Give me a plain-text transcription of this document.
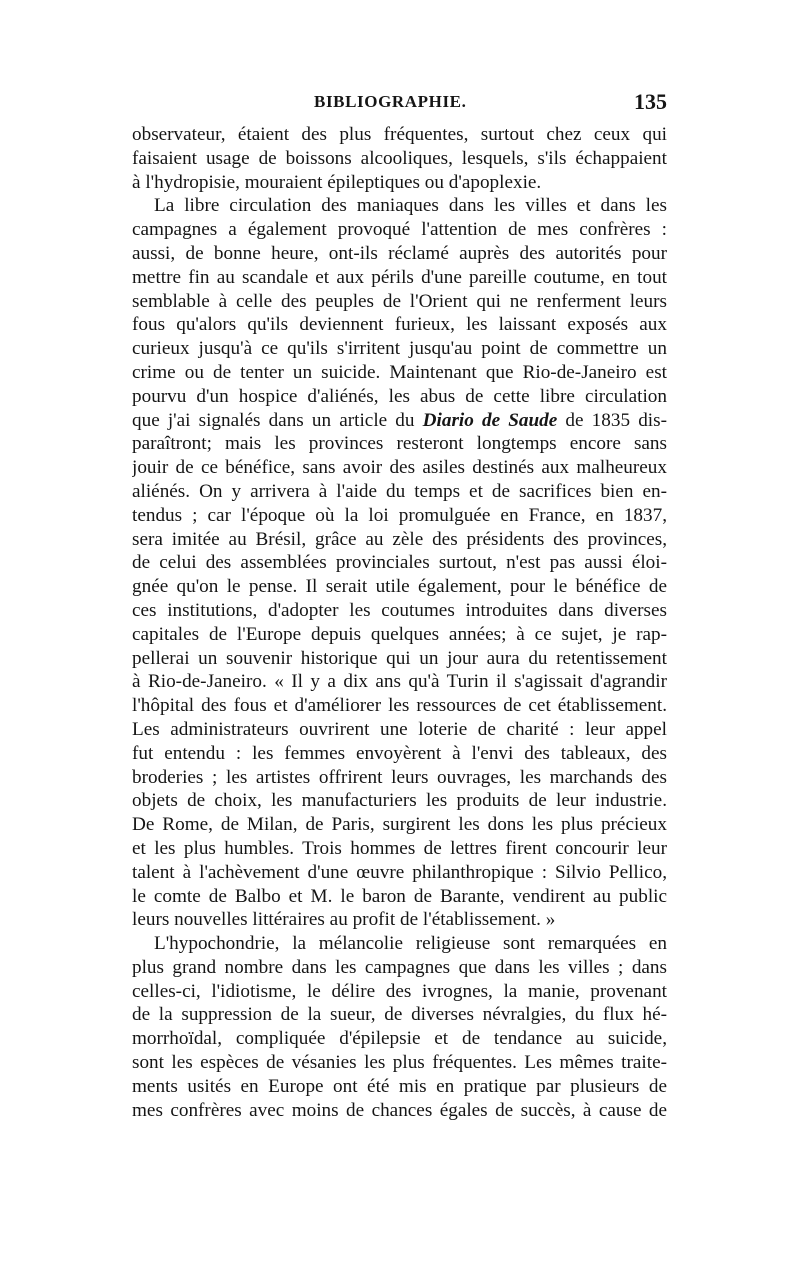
BIBLIOGRAPHIE.	135
observateur, étaient des plus fréquentes, surtout chez ceux qui
faisaient usage de boissons alcooliques, lesquels, s'ils échappaient
à l'hydropisie, mouraient épileptiques ou d'apoplexie.
La libre circulation des maniaques dans les villes et dans les
campagnes a également provoqué l'attention de mes confrères :
aussi, de bonne heure, ont-ils réclamé auprès des autorités pour
mettre fin au scandale et aux périls d'une pareille coutume, en tout
semblable à celle des peuples de l'Orient qui ne renferment leurs
fous qu'alors qu'ils deviennent furieux, les laissant exposés aux
curieux jusqu'à ce qu'ils s'irritent jusqu'au point de commettre un
crime ou de tenter un suicide. Maintenant que Rio-de-Janeiro est
pourvu d'un hospice d'aliénés, les abus de cette libre circulation
que j'ai signalés dans un article du Diario de Saude de 1835 dis-
paraîtront; mais les provinces resteront longtemps encore sans
jouir de ce bénéfice, sans avoir des asiles destinés aux malheureux
aliénés. On y arrivera à l'aide du temps et de sacrifices bien en-
tendus ; car l'époque où la loi promulguée en France, en 1837,
sera imitée au Brésil, grâce au zèle des présidents des provinces,
de celui des assemblées provinciales surtout, n'est pas aussi éloi-
gnée qu'on le pense. Il serait utile également, pour le bénéfice de
ces institutions, d'adopter les coutumes introduites dans diverses
capitales de l'Europe depuis quelques années; à ce sujet, je rap-
pellerai un souvenir historique qui un jour aura du retentissement
à Rio-de-Janeiro. « Il y a dix ans qu'à Turin il s'agissait d'agrandir
l'hôpital des fous et d'améliorer les ressources de cet établissement.
Les administrateurs ouvrirent une loterie de charité : leur appel
fut entendu : les femmes envoyèrent à l'envi des tableaux, des
broderies ; les artistes offrirent leurs ouvrages, les marchands des
objets de choix, les manufacturiers les produits de leur industrie.
De Rome, de Milan, de Paris, surgirent les dons les plus précieux
et les plus humbles. Trois hommes de lettres firent concourir leur
talent à l'achèvement d'une œuvre philanthropique : Silvio Pellico,
le comte de Balbo et M. le baron de Barante, vendirent au public
leurs nouvelles littéraires au profit de l'établissement. »
L'hypochondrie, la mélancolie religieuse sont remarquées en
plus grand nombre dans les campagnes que dans les villes ; dans
celles-ci, l'idiotisme, le délire des ivrognes, la manie, provenant
de la suppression de la sueur, de diverses névralgies, du flux hé-
morrhoïdal, compliquée d'épilepsie et de tendance au suicide,
sont les espèces de vésanies les plus fréquentes. Les mêmes traite-
ments usités en Europe ont été mis en pratique par plusieurs de
mes confrères avec moins de chances égales de succès, à cause de
